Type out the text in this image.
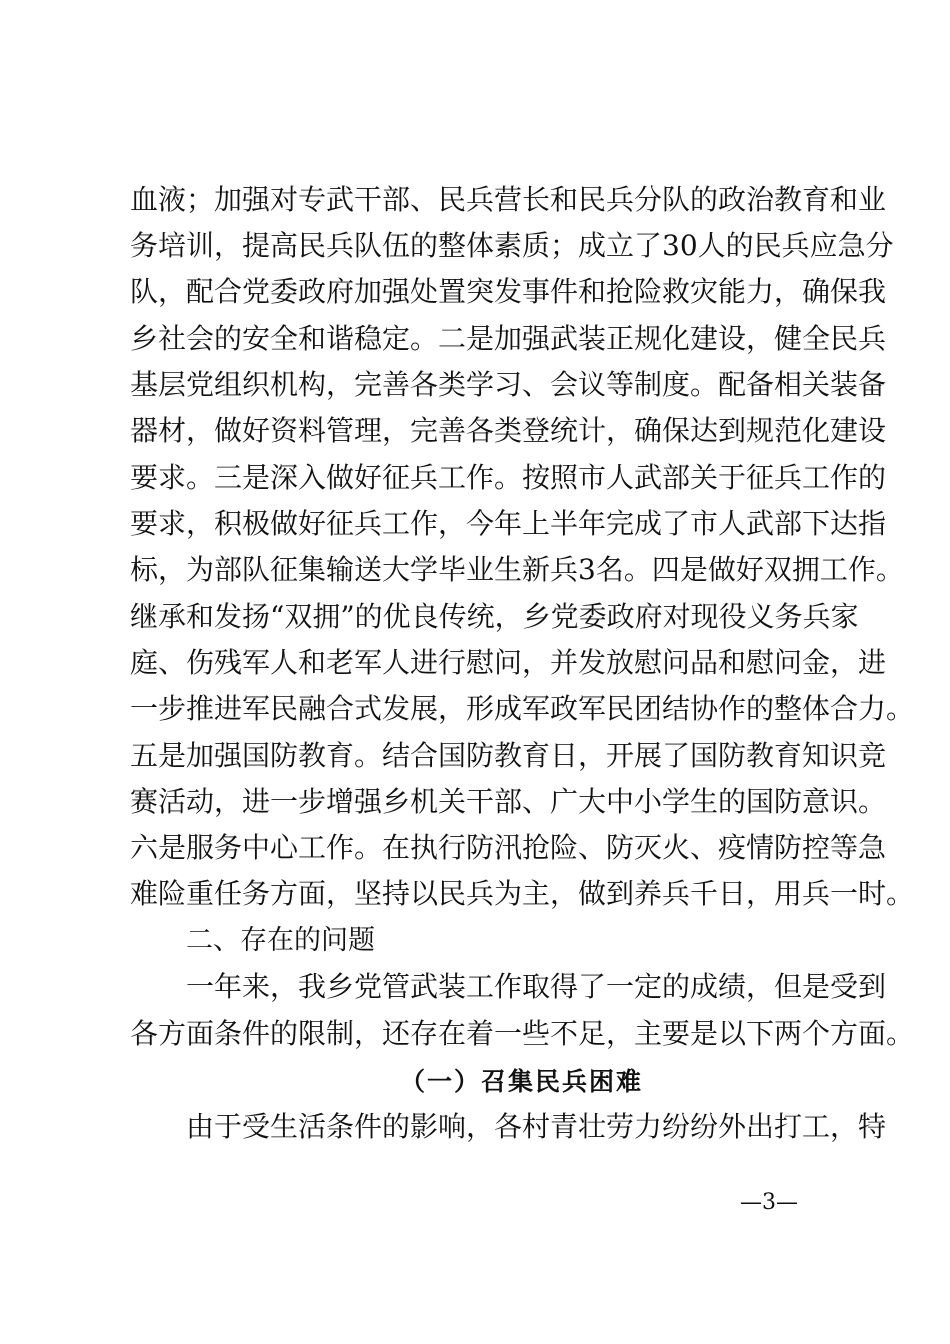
血液；加强对专武干部、民兵营长和民兵分队的政治教育和业
务培训，提高民兵队伍的整体素质；成立了30人的民兵应急分
队，配合党委政府加强处置突发事件和抢险救灾能力，确保我
乡社会的安全和谐稳定。二是加强武装正规化建设，健全民兵
基层党组织机构，完善各类学习、会议等制度。配备相关装备
器材，做好资料管理，完善各类登统计，确保达到规范化建设
要求。三是深入做好征兵工作。按照市人武部关于征兵工作的
要求，积极做好征兵工作，今年上半年完成了市人武部下达指
标，为部队征集输送大学毕业生新兵3名。四是做好双拥工作。
继承和发扬“双拥”的优良传统，乡党委政府对现役义务兵家
庭、伤残军人和老军人进行慰问，并发放慰问品和慰问金，进
一步推进军民融合式发展，形成军政军民团结协作的整体合力。
五是加强国防教育。结合国防教育日，开展了国防教育知识竞
赛活动，进一步增强乡机关干部、广大中小学生的国防意识。
六是服务中心工作。在执行防汛抢险、防灭火、疫情防控等急
难险重任务方面，坚持以民兵为主，做到养兵千日，用兵一时。
二、存在的问题
一年来，我乡党管武装工作取得了一定的成绩，但是受到
各方面条件的限制，还存在着一些不足，主要是以下两个方面。
（一）召集民兵困难
由于受生活条件的影响，各村青壮劳力纷纷外出打工，特
—3—
